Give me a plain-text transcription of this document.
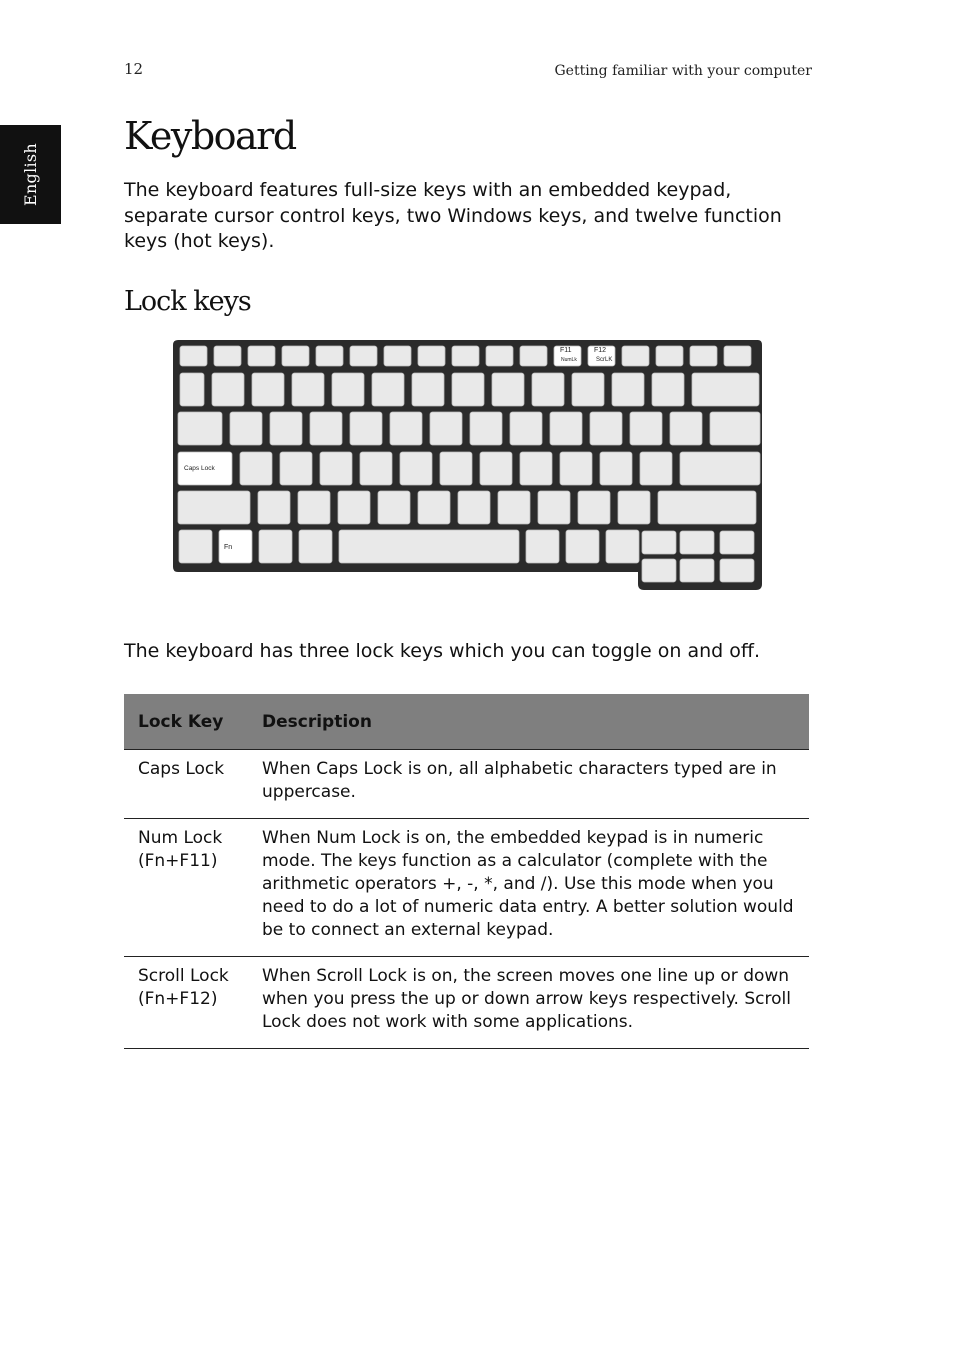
12	Getting familiar with your computer
English
Keyboard

The keyboard features full-size keys with an embedded keypad, separate cursor control keys, two Windows keys, and twelve function keys (hot keys).

Lock keys
F11
NumLk
F12
ScrLK
Caps Lock
Fn

The keyboard has three lock keys which you can toggle on and off.

Lock Key	Description

Caps Lock	When Caps Lock is on, all alphabetic characters typed are in uppercase.

Num Lock
(Fn+F11)	When Num Lock is on, the embedded keypad is in numeric mode. The keys function as a calculator (complete with the arithmetic operators +, -, *, and /). Use this mode when you need to do a lot of numeric data entry. A better solution would be to connect an external keypad.

Scroll Lock
(Fn+F12)	When Scroll Lock is on, the screen moves one line up or down when you press the up or down arrow keys respectively. Scroll Lock does not work with some applications.
